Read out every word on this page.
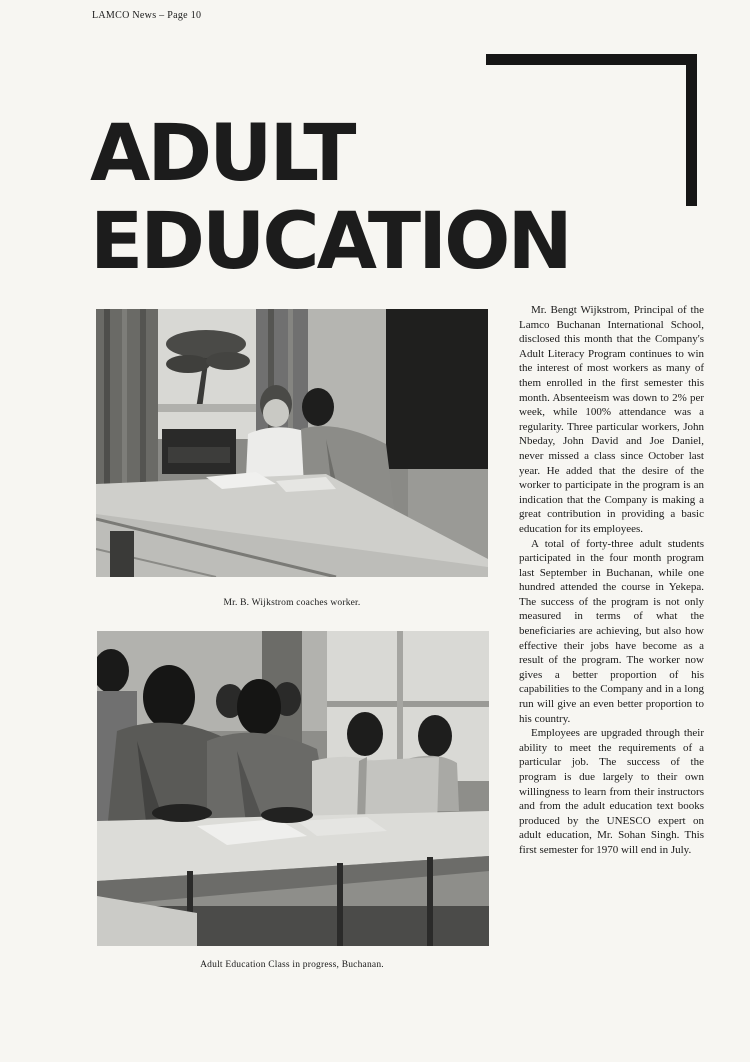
LAMCO News – Page 10
ADULT
EDUCATION
Mr. B. Wijkstrom coaches worker.
Adult Education Class in progress, Buchanan.

Mr. Bengt Wijkstrom, Principal of the Lamco Buchanan International School, disclosed this month that the Company's Adult Literacy Program continues to win the interest of most workers as many of them enrolled in the first semester this month. Absenteeism was down to 2% per week, while 100% attendance was a regularity. Three particular workers, John Nbeday, John David and Joe Daniel, never missed a class since October last year. He added that the desire of the worker to participate in the program is an indication that the Company is making a great contribution in providing a basic education for its employees.

A total of forty-three adult students participated in the four month program last September in Buchanan, while one hundred attended the course in Yekepa. The success of the program is not only measured in terms of what the beneficiaries are achieving, but also how effective their jobs have become as a result of the program. The worker now gives a better proportion of his capabilities to the Company and in a long run will give an even better proportion to his country.

Employees are upgraded through their ability to meet the requirements of a particular job. The success of the program is due largely to their own willingness to learn from their instructors and from the adult education text books produced by the UNESCO expert on adult education, Mr. Sohan Singh. This first semester for 1970 will end in July.
